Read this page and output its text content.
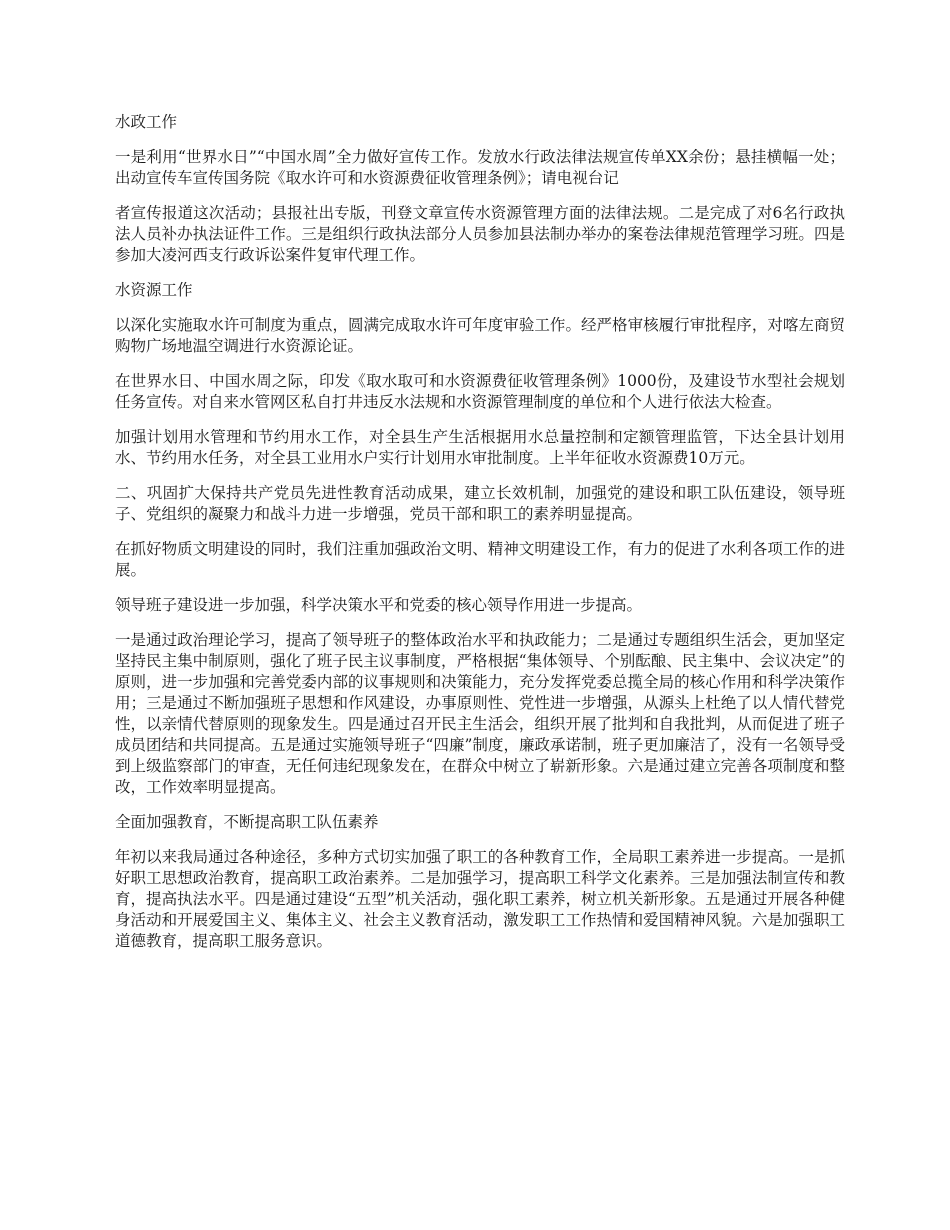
水政工作

一是利用“世界水日”“中国水周”全力做好宣传工作。发放水行政法律法规宣传单XX余份；悬挂横幅一处；出动宣传车宣传国务院《取水许可和水资源费征收管理条例》；请电视台记

者宣传报道这次活动；县报社出专版，刊登文章宣传水资源管理方面的法律法规。二是完成了对6名行政执法人员补办执法证件工作。三是组织行政执法部分人员参加县法制办举办的案卷法律规范管理学习班。四是参加大凌河西支行政诉讼案件复审代理工作。

水资源工作

以深化实施取水许可制度为重点，圆满完成取水许可年度审验工作。经严格审核履行审批程序，对喀左商贸购物广场地温空调进行水资源论证。

在世界水日、中国水周之际，印发《取水取可和水资源费征收管理条例》1000份，及建设节水型社会规划任务宣传。对自来水管网区私自打井违反水法规和水资源管理制度的单位和个人进行依法大检查。

加强计划用水管理和节约用水工作，对全县生产生活根据用水总量控制和定额管理监管，下达全县计划用水、节约用水任务，对全县工业用水户实行计划用水审批制度。上半年征收水资源费10万元。

二、巩固扩大保持共产党员先进性教育活动成果，建立长效机制，加强党的建设和职工队伍建设，领导班子、党组织的凝聚力和战斗力进一步增强，党员干部和职工的素养明显提高。

在抓好物质文明建设的同时，我们注重加强政治文明、精神文明建设工作，有力的促进了水利各项工作的进展。

领导班子建设进一步加强，科学决策水平和党委的核心领导作用进一步提高。

一是通过政治理论学习，提高了领导班子的整体政治水平和执政能力；二是通过专题组织生活会，更加坚定坚持民主集中制原则，强化了班子民主议事制度，严格根据“集体领导、个别酝酿、民主集中、会议决定”的原则，进一步加强和完善党委内部的议事规则和决策能力，充分发挥党委总揽全局的核心作用和科学决策作用；三是通过不断加强班子思想和作风建设，办事原则性、党性进一步增强，从源头上杜绝了以人情代替党性，以亲情代替原则的现象发生。四是通过召开民主生活会，组织开展了批判和自我批判，从而促进了班子成员团结和共同提高。五是通过实施领导班子“四廉”制度，廉政承诺制，班子更加廉洁了，没有一名领导受到上级监察部门的审查，无任何违纪现象发在，在群众中树立了崭新形象。六是通过建立完善各项制度和整改，工作效率明显提高。

全面加强教育，不断提高职工队伍素养

年初以来我局通过各种途径，多种方式切实加强了职工的各种教育工作，全局职工素养进一步提高。一是抓好职工思想政治教育，提高职工政治素养。二是加强学习，提高职工科学文化素养。三是加强法制宣传和教育，提高执法水平。四是通过建设“五型”机关活动，强化职工素养，树立机关新形象。五是通过开展各种健身活动和开展爱国主义、集体主义、社会主义教育活动，激发职工工作热情和爱国精神风貌。六是加强职工道德教育，提高职工服务意识。
